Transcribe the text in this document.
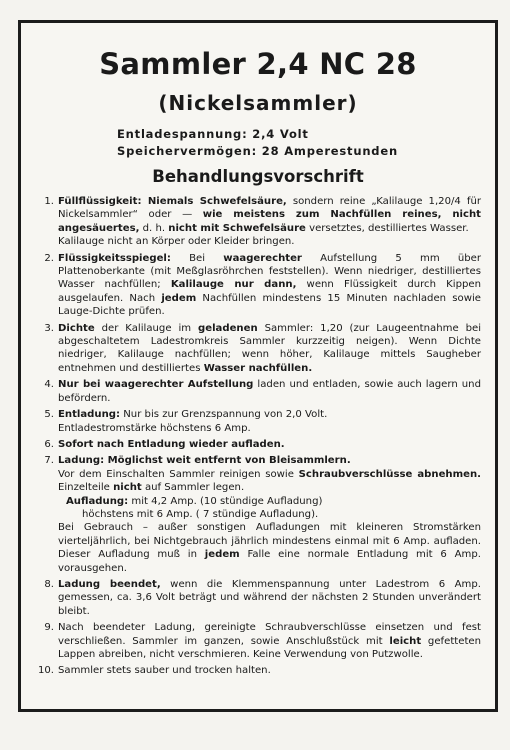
Sammler 2,4 NC 28
(Nickelsammler)
Entladespannung: 2,4 Volt
Speichervermögen: 28 Amperestunden
Behandlungsvorschrift
1. Füllflüssigkeit: Niemals Schwefelsäure, sondern reine „Kalilauge 1,20/4 für Nickelsammler“ oder — wie meistens zum Nachfüllen reines, nicht angesäuertes, d. h. nicht mit Schwefelsäure versetztes, destilliertes Wasser.

Kalilauge nicht an Körper oder Kleider bringen.

2. Flüssigkeitsspiegel: Bei waagerechter Aufstellung 5 mm über Plattenoberkante (mit Meßglasröhrchen feststellen). Wenn niedriger, destilliertes Wasser nachfüllen; Kalilauge nur dann, wenn Flüssigkeit durch Kippen ausgelaufen. Nach jedem Nachfüllen mindestens 15 Minuten nachladen sowie Lauge-Dichte prüfen.

3. Dichte der Kalilauge im geladenen Sammler: 1,20 (zur Laugeentnahme bei abgeschaltetem Ladestromkreis Sammler kurzzeitig neigen). Wenn Dichte niedriger, Kalilauge nachfüllen; wenn höher, Kalilauge mittels Saugheber entnehmen und destilliertes Wasser nachfüllen.

4. Nur bei waagerechter Aufstellung laden und entladen, sowie auch lagern und befördern.

5. Entladung: Nur bis zur Grenzspannung von 2,0 Volt.

Entladestromstärke höchstens 6 Amp.

6. Sofort nach Entladung wieder aufladen.

7. Ladung: Möglichst weit entfernt von Bleisammlern.

Vor dem Einschalten Sammler reinigen sowie Schraubverschlüsse abnehmen. Einzelteile nicht auf Sammler legen.

Aufladung: mit 4,2 Amp. (10 stündige Aufladung)

höchstens mit 6 Amp. ( 7 stündige Aufladung).

Bei Gebrauch – außer sonstigen Aufladungen mit kleineren Stromstärken vierteljährlich, bei Nichtgebrauch jährlich mindestens einmal mit 6 Amp. aufladen. Dieser Aufladung muß in jedem Falle eine normale Entladung mit 6 Amp. vorausgehen.

8. Ladung beendet, wenn die Klemmenspannung unter Ladestrom 6 Amp. gemessen, ca. 3,6 Volt beträgt und während der nächsten 2 Stunden unverändert bleibt.

9. Nach beendeter Ladung, gereinigte Schraubverschlüsse einsetzen und fest verschließen. Sammler im ganzen, sowie Anschlußstück mit leicht gefetteten Lappen abreiben, nicht verschmieren. Keine Verwendung von Putzwolle.

10. Sammler stets sauber und trocken halten.
